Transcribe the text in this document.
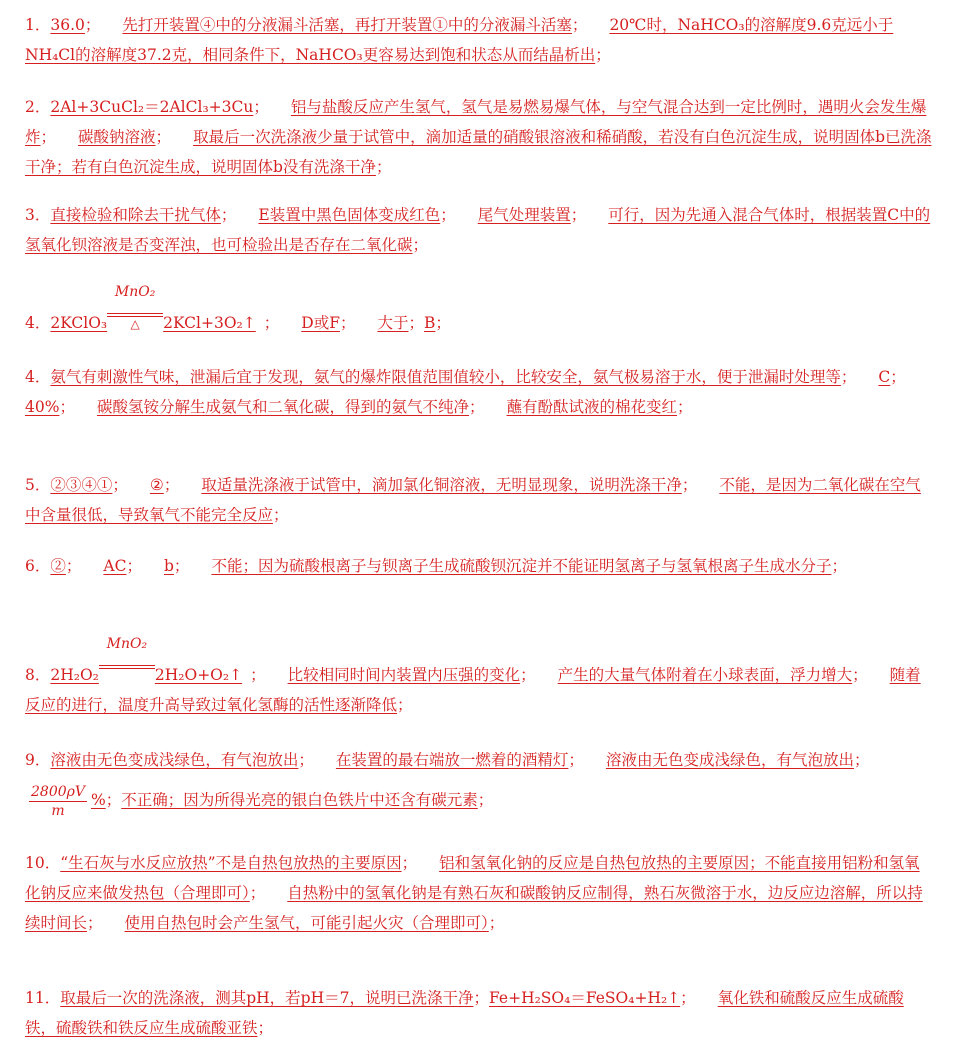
1．36.0； 先打开装置④中的分液漏斗活塞，再打开装置①中的分液漏斗活塞； 20℃时，NaHCO₃的溶解度9.6克远小于NH₄Cl的溶解度37.2克，相同条件下，NaHCO₃更容易达到饱和状态从而结晶析出；
2．2Al+3CuCl₂＝2AlCl₃+3Cu； 铝与盐酸反应产生氢气，氢气是易燃易爆气体，与空气混合达到一定比例时，遇明火会发生爆炸； 碳酸钠溶液； 取最后一次洗涤液少量于试管中，滴加适量的硝酸银溶液和稀硝酸，若没有白色沉淀生成，说明固体b已洗涤干净；若有白色沉淀生成，说明固体b没有洗涤干净；
3．直接检验和除去干扰气体； E装置中黑色固体变成红色； 尾气处理装置； 可行，因为先通入混合气体时，根据装置C中的氢氧化钡溶液是否变浑浊，也可检验出是否存在二氧化碳；
4．2KClO₃
MnO₂
△	2KCl+3O₂↑ ； D或F； 大于；B；
4．氨气有刺激性气味，泄漏后宜于发现，氨气的爆炸限值范围值较小，比较安全，氨气极易溶于水，便于泄漏时处理等； C；40%； 碳酸氢铵分解生成氨气和二氧化碳，得到的氨气不纯净； 蘸有酚酞试液的棉花变红；
5．②③④①； ②； 取适量洗涤液于试管中，滴加氯化铜溶液，无明显现象，说明洗涤干净； 不能，是因为二氧化碳在空气中含量很低，导致氧气不能完全反应；
6．②； AC； b； 不能；因为硫酸根离子与钡离子生成硫酸钡沉淀并不能证明氢离子与氢氧根离子生成水分子；
8．2H₂O₂
MnO₂
2H₂O+O₂↑ ； 比较相同时间内装置内压强的变化； 产生的大量气体附着在小球表面，浮力增大； 随着反应的进行，温度升高导致过氧化氢酶的活性逐渐降低；
9．溶液由无色变成浅绿色，有气泡放出； 在装置的最右端放一燃着的酒精灯； 溶液由无色变成浅绿色，有气泡放出；
$\frac{2800\rho V}{m}$ %；不正确；因为所得光亮的银白色铁片中还含有碳元素；
10．“生石灰与水反应放热”不是自热包放热的主要原因； 铝和氢氧化钠的反应是自热包放热的主要原因；不能直接用铝粉和氢氧化钠反应来做发热包（合理即可）； 自热粉中的氢氧化钠是有熟石灰和碳酸钠反应制得，熟石灰微溶于水，边反应边溶解，所以持续时间长； 使用自热包时会产生氢气，可能引起火灾（合理即可）；
11．取最后一次的洗涤液，测其pH，若pH＝7，说明已洗涤干净；Fe+H₂SO₄＝FeSO₄+H₂↑； 氧化铁和硫酸反应生成硫酸铁，硫酸铁和铁反应生成硫酸亚铁；
